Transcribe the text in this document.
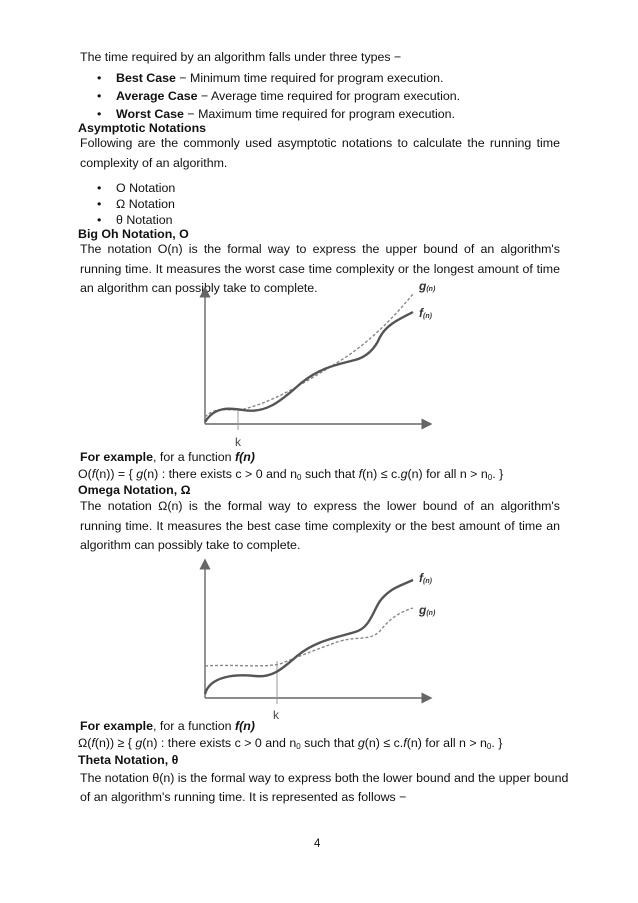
The time required by an algorithm falls under three types −
• Best Case − Minimum time required for program execution.
• Average Case − Average time required for program execution.
• Worst Case − Maximum time required for program execution.
Asymptotic Notations
Following are the commonly used asymptotic notations to calculate the running time complexity of an algorithm.
• Ο Notation
• Ω Notation
• θ Notation
Big Oh Notation, Ο
The notation Ο(n) is the formal way to express the upper bound of an algorithm's running time. It measures the worst case time complexity or the longest amount of time an algorithm can possibly take to complete.	g(n)
f(n)
k
For example, for a function f(n)
Ο(f(n)) = { g(n) : there exists c > 0 and $n_0$ such that f(n) ≤ c.g(n) for all $n > n_0$. }
Omega Notation, Ω
The notation Ω(n) is the formal way to express the lower bound of an algorithm's running time. It measures the best case time complexity or the best amount of time an algorithm can possibly take to complete.
f(n)
g(n)
k
For example, for a function f(n)
Ω(f(n)) ≥ { g(n) : there exists c > 0 and $n_0$ such that g(n) ≤ c.f(n) for all $n > n_0$. }
Theta Notation, θ
The notation θ(n) is the formal way to express both the lower bound and the upper bound
of an algorithm's running time. It is represented as follows −
4
